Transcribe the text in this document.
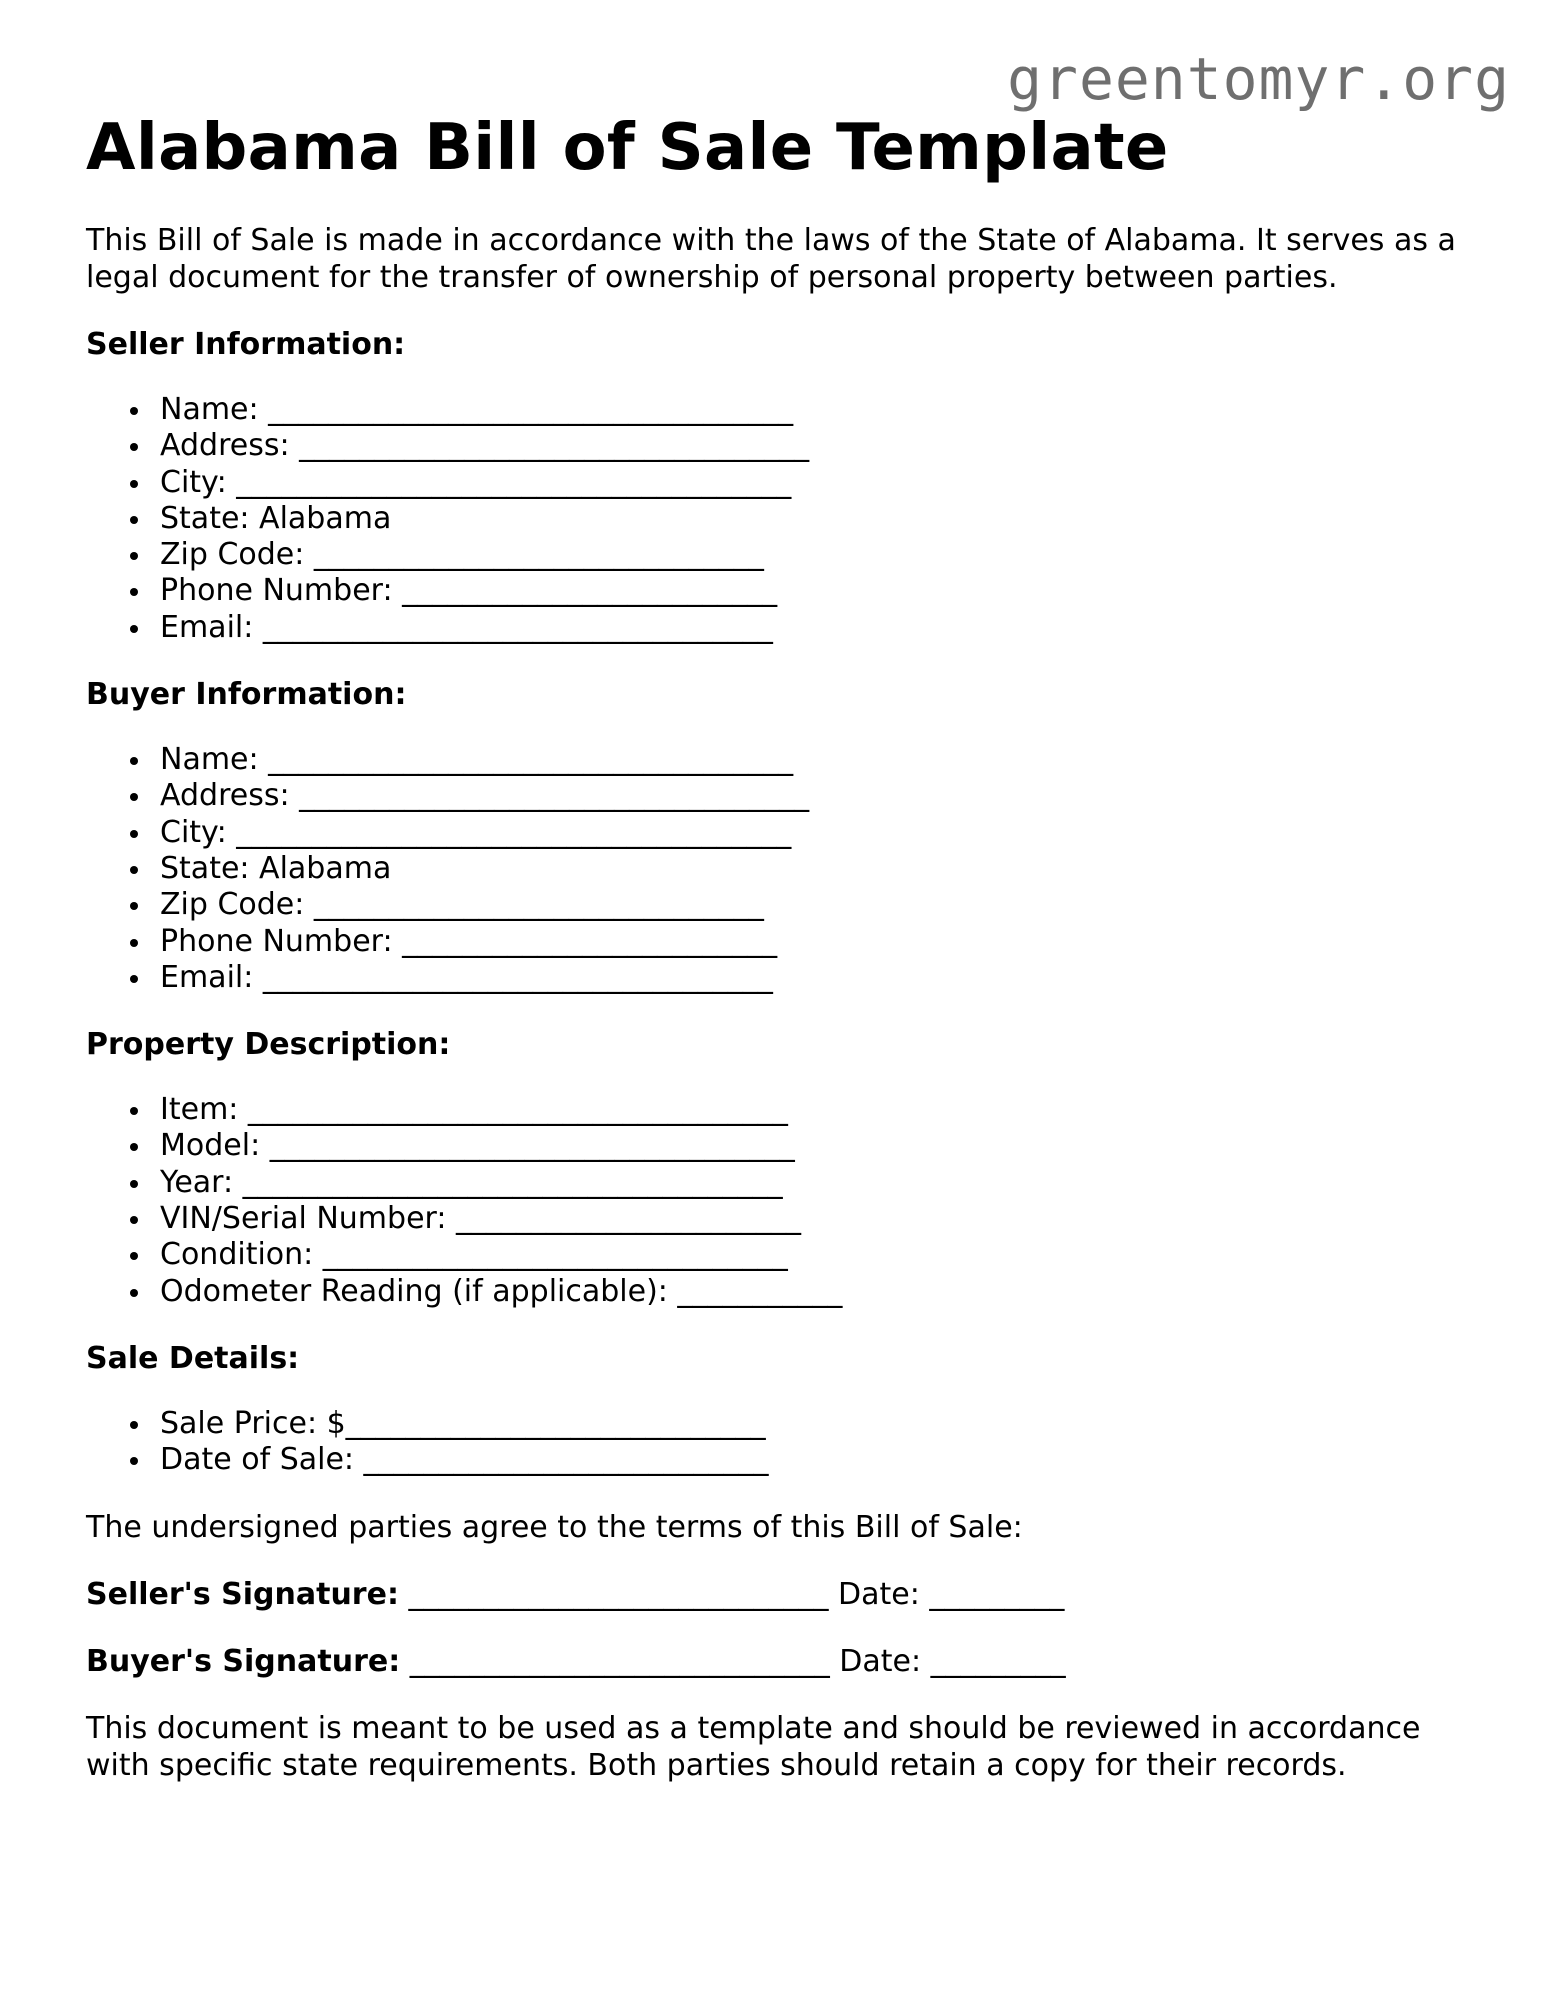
greentomyr.org
Alabama Bill of Sale Template

This Bill of Sale is made in accordance with the laws of the State of Alabama. It serves as a legal document for the transfer of ownership of personal property between parties.

Seller Information:
Name: ___________________________________
Address: __________________________________
City: _____________________________________
State: Alabama
Zip Code: ______________________________
Phone Number: _________________________
Email: __________________________________
Buyer Information:
Name: ___________________________________
Address: __________________________________
City: _____________________________________
State: Alabama
Zip Code: ______________________________
Phone Number: _________________________
Email: __________________________________
Property Description:
Item: ____________________________________
Model: ___________________________________
Year: ____________________________________
VIN/Serial Number: _______________________
Condition: _______________________________
Odometer Reading (if applicable): ___________
Sale Details:
Sale Price: $____________________________
Date of Sale: ___________________________

The undersigned parties agree to the terms of this Bill of Sale:

Seller's Signature: ____________________________ Date: _________
Buyer's Signature: ____________________________ Date: _________

This document is meant to be used as a template and should be reviewed in accordance with specific state requirements. Both parties should retain a copy for their records.
